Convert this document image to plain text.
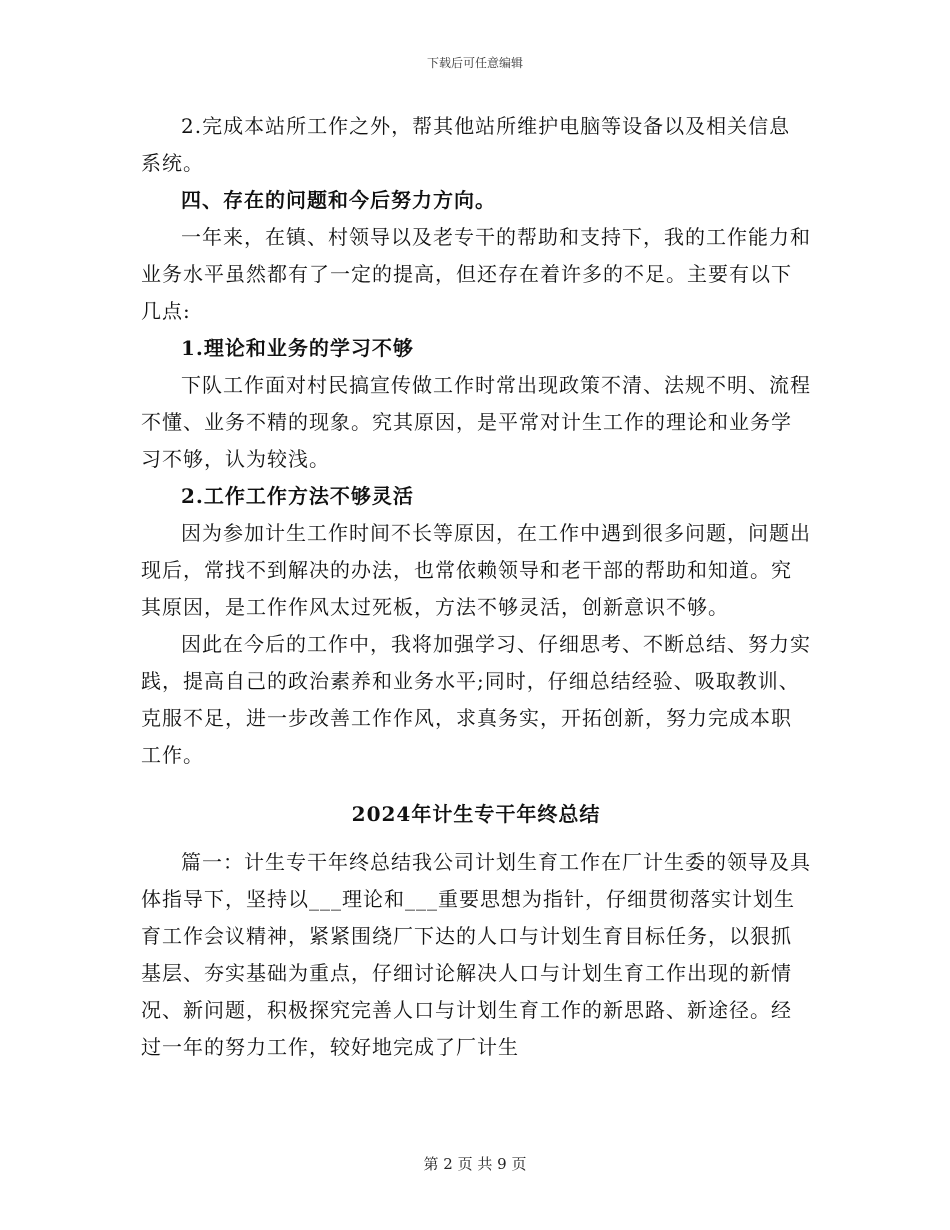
下载后可任意编辑

2.完成本站所工作之外，帮其他站所维护电脑等设备以及相关信息系统。

四、存在的问题和今后努力方向。

一年来，在镇、村领导以及老专干的帮助和支持下，我的工作能力和业务水平虽然都有了一定的提高，但还存在着许多的不足。主要有以下几点:

1.理论和业务的学习不够

下队工作面对村民搞宣传做工作时常出现政策不清、法规不明、流程不懂、业务不精的现象。究其原因，是平常对计生工作的理论和业务学习不够，认为较浅。

2.工作工作方法不够灵活

因为参加计生工作时间不长等原因，在工作中遇到很多问题，问题出现后，常找不到解决的办法，也常依赖领导和老干部的帮助和知道。究其原因，是工作作风太过死板，方法不够灵活，创新意识不够。

因此在今后的工作中，我将加强学习、仔细思考、不断总结、努力实践，提高自己的政治素养和业务水平;同时，仔细总结经验、吸取教训、克服不足，进一步改善工作作风，求真务实，开拓创新，努力完成本职工作。

2024年计生专干年终总结

篇一：计生专干年终总结我公司计划生育工作在厂计生委的领导及具体指导下，坚持以___理论和___重要思想为指针，仔细贯彻落实计划生育工作会议精神，紧紧围绕厂下达的人口与计划生育目标任务，以狠抓基层、夯实基础为重点，仔细讨论解决人口与计划生育工作出现的新情况、新问题，积极探究完善人口与计划生育工作的新思路、新途径。经过一年的努力工作，较好地完成了厂计生

第 2 页 共 9 页
